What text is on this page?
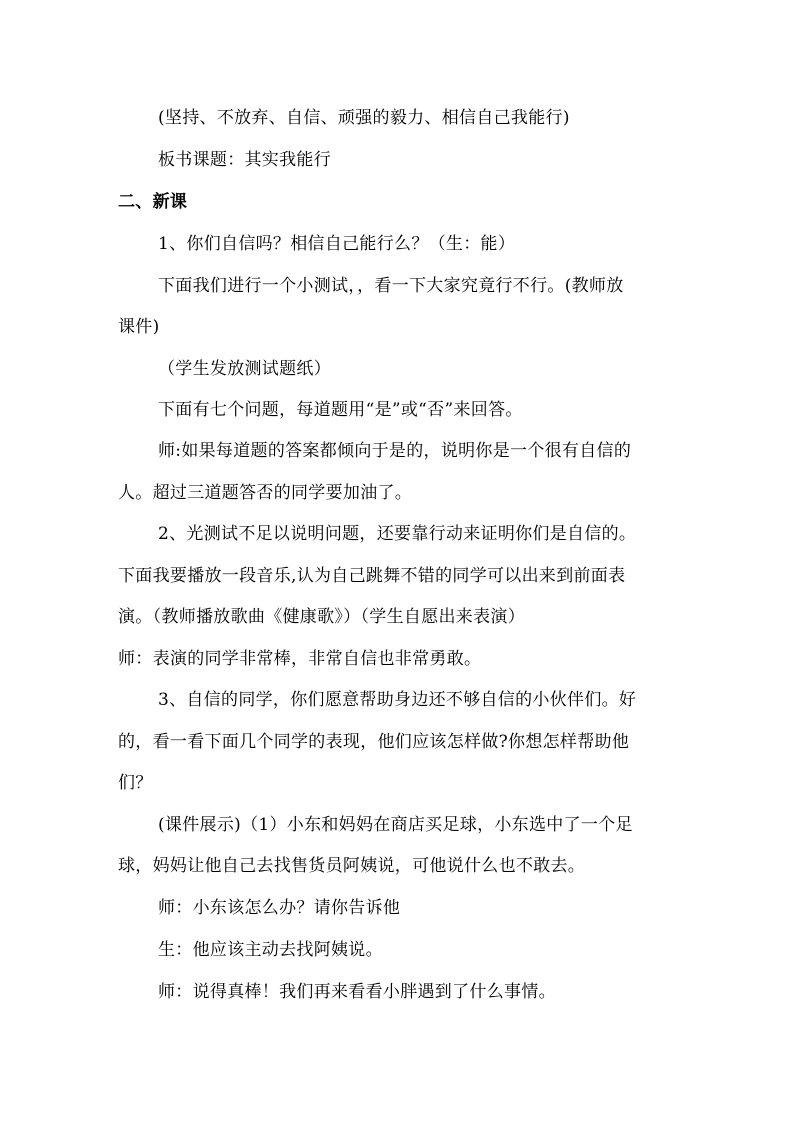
(坚持、不放弃、自信、顽强的毅力、相信自己我能行)
板书课题：其实我能行
二、新课
1、你们自信吗？相信自己能行么？（生：能）
下面我们进行一个小测试，，看一下大家究竟行不行。(教师放
课件)
（学生发放测试题纸）
下面有七个问题，每道题用“是”或“否”来回答。
师:如果每道题的答案都倾向于是的，说明你是一个很有自信的
人。超过三道题答否的同学要加油了。
2、光测试不足以说明问题，还要靠行动来证明你们是自信的。
下面我要播放一段音乐,认为自己跳舞不错的同学可以出来到前面表
演。（教师播放歌曲《健康歌》）（学生自愿出来表演）
师：表演的同学非常棒，非常自信也非常勇敢。
3、自信的同学，你们愿意帮助身边还不够自信的小伙伴们。好
的，看一看下面几个同学的表现，他们应该怎样做?你想怎样帮助他
们？
(课件展示)（1）小东和妈妈在商店买足球，小东选中了一个足
球，妈妈让他自己去找售货员阿姨说，可他说什么也不敢去。
师：小东该怎么办？请你告诉他
生：他应该主动去找阿姨说。
师：说得真棒！我们再来看看小胖遇到了什么事情。
